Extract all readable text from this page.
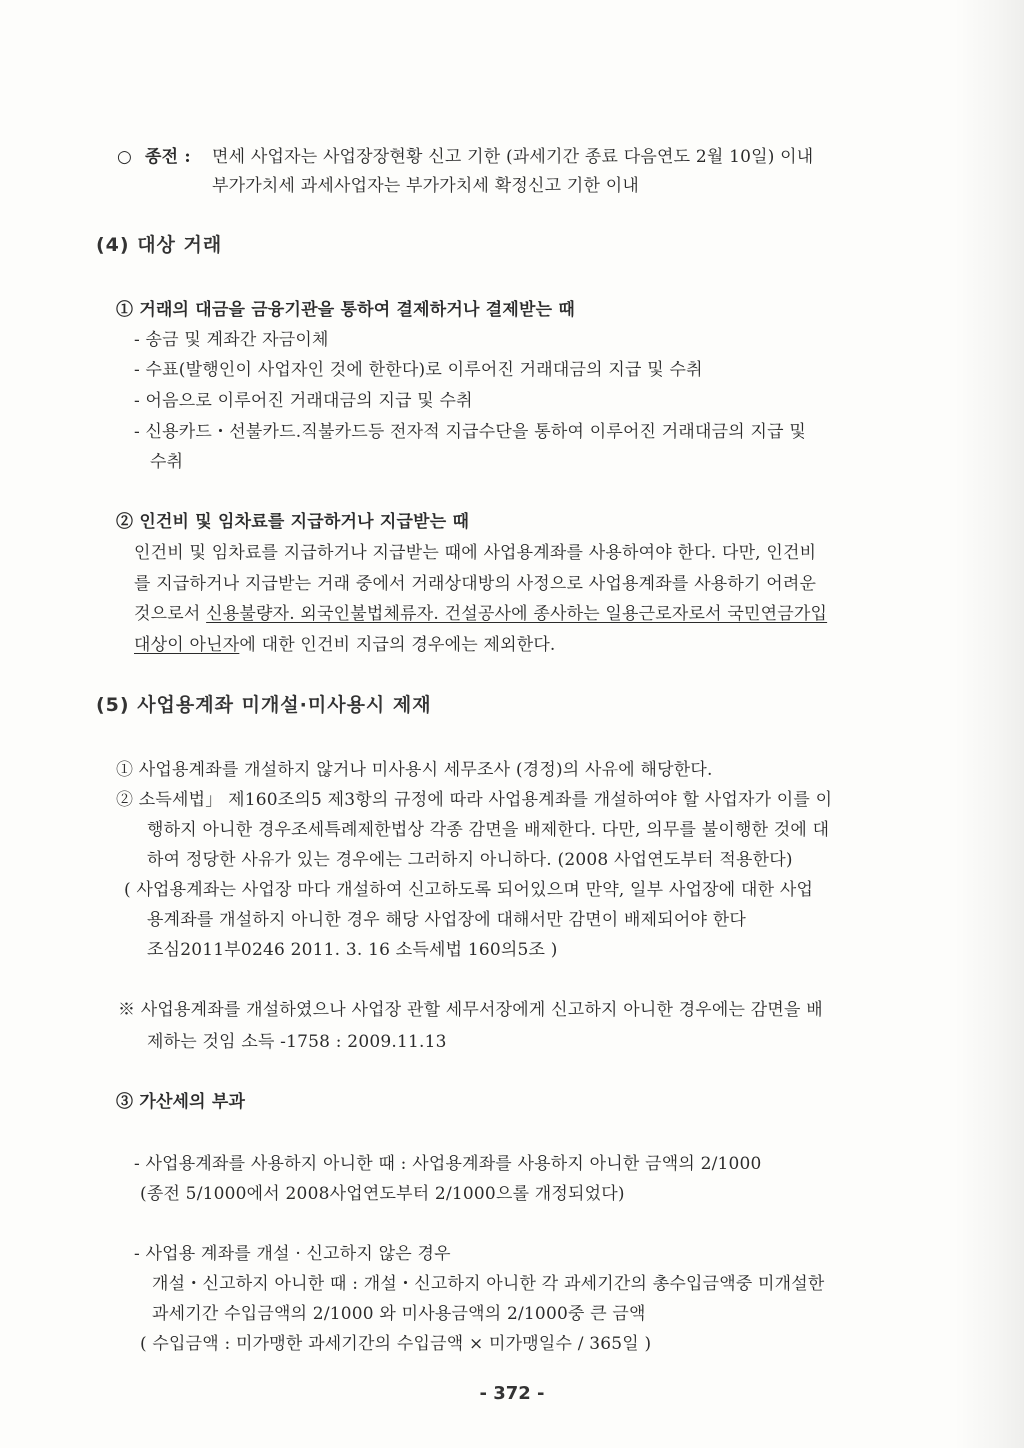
○ 종전 : 면세 사업자는 사업장장현황 신고 기한 (과세기간 종료 다음연도 2월 10일) 이내
부가가치세 과세사업자는 부가가치세 확정신고 기한 이내
(4) 대상 거래
① 거래의 대금을 금융기관을 통하여 결제하거나 결제받는 때
- 송금 및 계좌간 자금이체
- 수표(발행인이 사업자인 것에 한한다)로 이루어진 거래대금의 지급 및 수취
- 어음으로 이루어진 거래대금의 지급 및 수취
- 신용카드・선불카드.직불카드등 전자적 지급수단을 통하여 이루어진 거래대금의 지급 및
수취
② 인건비 및 임차료를 지급하거나 지급받는 때
인건비 및 임차료를 지급하거나 지급받는 때에 사업용계좌를 사용하여야 한다. 다만, 인건비
를 지급하거나 지급받는 거래 중에서 거래상대방의 사정으로 사업용계좌를 사용하기 어려운
것으로서 신용불량자. 외국인불법체류자. 건설공사에 종사하는 일용근로자로서 국민연금가입
대상이 아닌자에 대한 인건비 지급의 경우에는 제외한다.
(5) 사업용계좌 미개설·미사용시 제재
① 사업용계좌를 개설하지 않거나 미사용시 세무조사 (경정)의 사유에 해당한다.
② 소득세법」 제160조의5 제3항의 규정에 따라 사업용계좌를 개설하여야 할 사업자가 이를 이
행하지 아니한 경우조세특례제한법상 각종 감면을 배제한다. 다만, 의무를 불이행한 것에 대
하여 정당한 사유가 있는 경우에는 그러하지 아니하다. (2008 사업연도부터 적용한다)
( 사업용계좌는 사업장 마다 개설하여 신고하도록 되어있으며 만약, 일부 사업장에 대한 사업
용계좌를 개설하지 아니한 경우 해당 사업장에 대해서만 감면이 배제되어야 한다
조심2011부0246 2011. 3. 16 소득세법 160의5조 )
※ 사업용계좌를 개설하였으나 사업장 관할 세무서장에게 신고하지 아니한 경우에는 감면을 배
제하는 것임 소득 -1758 : 2009.11.13
③ 가산세의 부과
- 사업용계좌를 사용하지 아니한 때 : 사업용계좌를 사용하지 아니한 금액의 2/1000
(종전 5/1000에서 2008사업연도부터 2/1000으롤 개정되었다)
- 사업용 계좌를 개설 · 신고하지 않은 경우
개설・신고하지 아니한 때 : 개설・신고하지 아니한 각 과세기간의 총수입금액중 미개설한
과세기간 수입금액의 2/1000 와 미사용금액의 2/1000중 큰 금액
( 수입금액 : 미가맹한 과세기간의 수입금액 × 미가맹일수 / 365일 )
- 372 -
